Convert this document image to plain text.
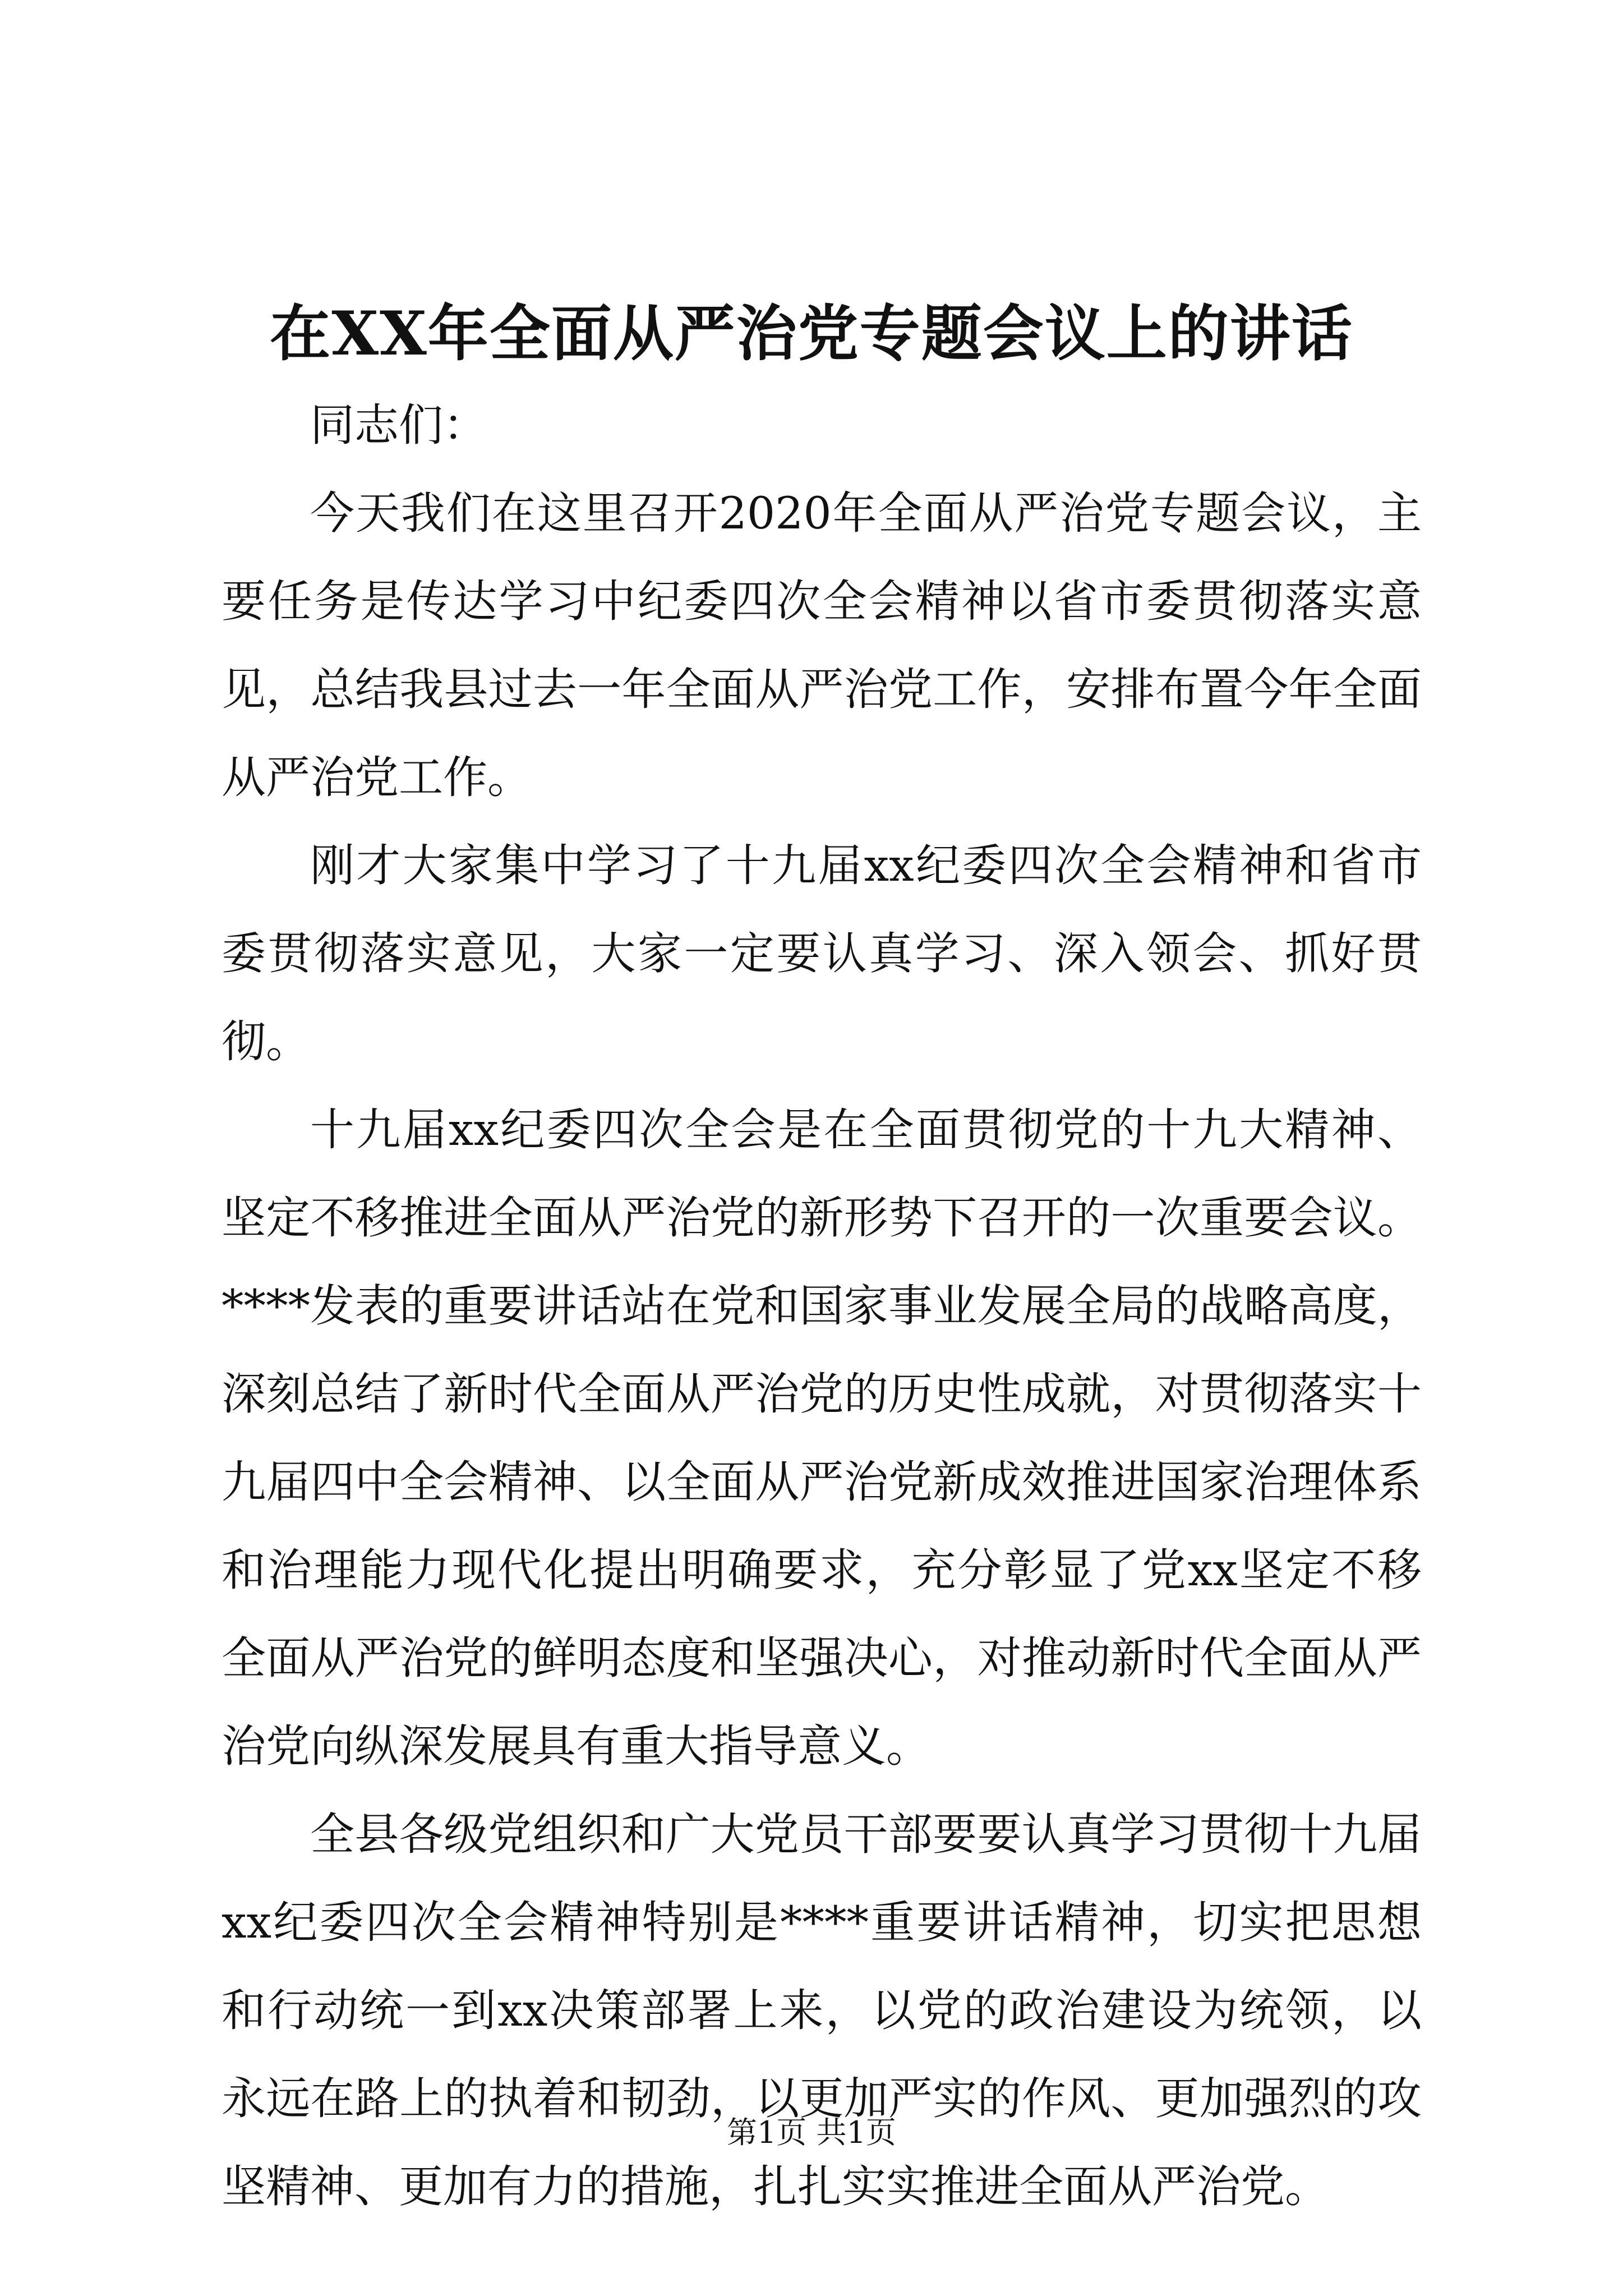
在XX年全面从严治党专题会议上的讲话

同志们：

今天我们在这里召开2020年全面从严治党专题会议，主要任务是传达学习中纪委四次全会精神以省市委贯彻落实意见，总结我县过去一年全面从严治党工作，安排布置今年全面从严治党工作。

刚才大家集中学习了十九届xx纪委四次全会精神和省市委贯彻落实意见，大家一定要认真学习、深入领会、抓好贯彻。

十九届xx纪委四次全会是在全面贯彻党的十九大精神、坚定不移推进全面从严治党的新形势下召开的一次重要会议。****发表的重要讲话站在党和国家事业发展全局的战略高度，深刻总结了新时代全面从严治党的历史性成就，对贯彻落实十九届四中全会精神、以全面从严治党新成效推进国家治理体系和治理能力现代化提出明确要求，充分彰显了党xx坚定不移全面从严治党的鲜明态度和坚强决心，对推动新时代全面从严治党向纵深发展具有重大指导意义。

全县各级党组织和广大党员干部要要认真学习贯彻十九届xx纪委四次全会精神特别是****重要讲话精神，切实把思想和行动统一到xx决策部署上来，以党的政治建设为统领，以永远在路上的执着和韧劲，以更加严实的作风、更加强烈的攻坚精神、更加有力的措施，扎扎实实推进全面从严治党。

第1页 共1页
